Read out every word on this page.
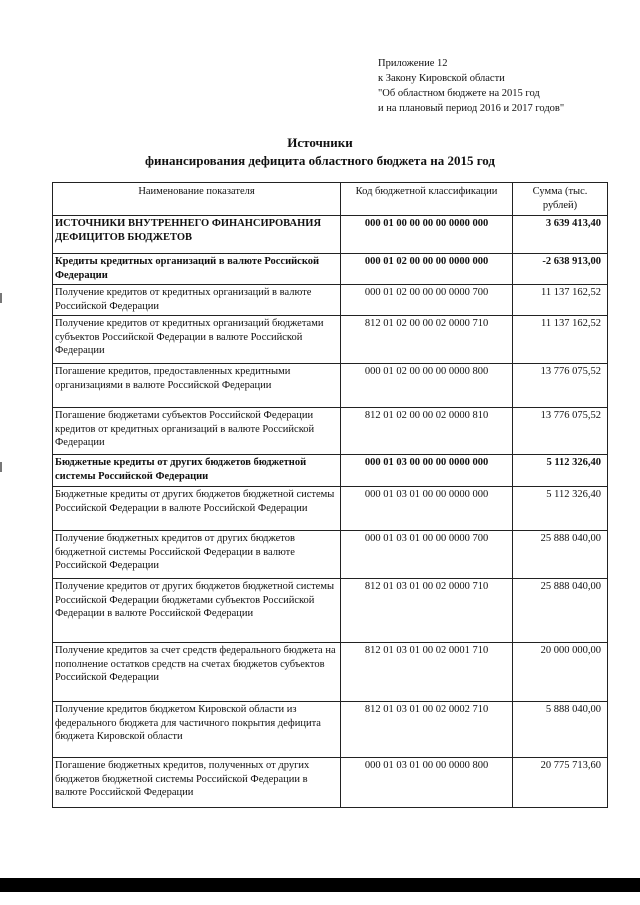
Приложение 12
к Закону Кировской области
"Об областном бюджете на 2015 год
и на плановый период 2016 и 2017 годов"
Источники
финансирования дефицита областного бюджета на 2015 год
Наименование показателя	Код бюджетной классификации	Сумма (тыс. рублей)
ИСТОЧНИКИ ВНУТРЕННЕГО ФИНАНСИРОВАНИЯ ДЕФИЦИТОВ БЮДЖЕТОВ	000 01 00 00 00 00 0000 000	3 639 413,40
Кредиты кредитных организаций в валюте Российской Федерации	000 01 02 00 00 00 0000 000	-2 638 913,00
Получение кредитов от кредитных организаций в валюте Российской Федерации	000 01 02 00 00 00 0000 700	11 137 162,52
Получение кредитов от кредитных организаций бюджетами субъектов Российской Федерации в валюте Российской Федерации	812 01 02 00 00 02 0000 710	11 137 162,52
Погашение кредитов, предоставленных кредитными организациями в валюте Российской Федерации	000 01 02 00 00 00 0000 800	13 776 075,52
Погашение бюджетами субъектов Российской Федерации кредитов от кредитных организаций в валюте Российской Федерации	812 01 02 00 00 02 0000 810	13 776 075,52
Бюджетные кредиты от других бюджетов бюджетной системы Российской Федерации	000 01 03 00 00 00 0000 000	5 112 326,40
Бюджетные кредиты от других бюджетов бюджетной системы Российской Федерации в валюте Российской Федерации	000 01 03 01 00 00 0000 000	5 112 326,40
Получение бюджетных кредитов от других бюджетов бюджетной системы Российской Федерации в валюте Российской Федерации	000 01 03 01 00 00 0000 700	25 888 040,00
Получение кредитов от других бюджетов бюджетной системы Российской Федерации бюджетами субъектов Российской Федерации в валюте Российской Федерации	812 01 03 01 00 02 0000 710	25 888 040,00
Получение кредитов за счет средств федерального бюджета на пополнение остатков средств на счетах бюджетов субъектов Российской Федерации	812 01 03 01 00 02 0001 710	20 000 000,00
Получение кредитов бюджетом Кировской области из федерального бюджета для частичного покрытия дефицита бюджета Кировской области	812 01 03 01 00 02 0002 710	5 888 040,00
Погашение бюджетных кредитов, полученных от других бюджетов бюджетной системы Российской Федерации в валюте Российской Федерации	000 01 03 01 00 00 0000 800	20 775 713,60
